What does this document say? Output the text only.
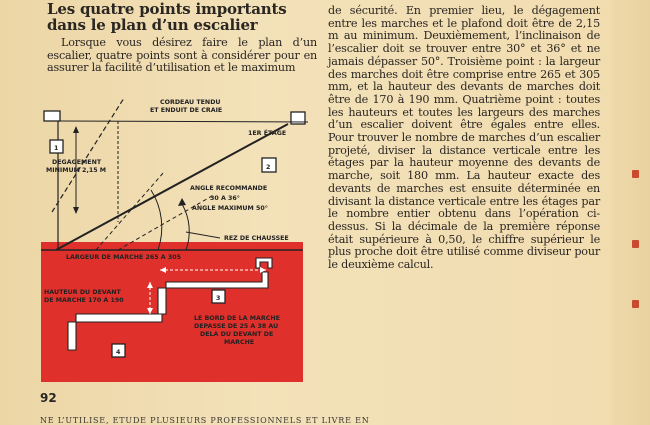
Les quatre points importants
dans le plan d’un escalier
Lorsque vous désirez faire le plan d’un escalier, quatre points sont à considérer pour en assurer la facilité d’utilisation et le maximum
1
2
CORDEAU TENDU
ET ENDUIT DE CRAIE
1ER ÉTAGE
DEGAGEMENT
MINIMUM 2,15 M
ANGLE RECOMMANDE
30 A 36°
ANGLE MAXIMUM 50°
REZ DE CHAUSSEE
3
4
LARGEUR DE MARCHE 265 A 305
HAUTEUR DU DEVANT
DE MARCHE 170 A 190
LE BORD DE LA MARCHE
DEPASSE DE 25 A 38 AU
DELA DU DEVANT DE
MARCHE
de sécurité. En premier lieu, le dégagement entre les marches et le plafond doit être de 2,15 m au minimum. Deuxièmement, l’inclinaison de l’escalier doit se trouver entre 30° et 36° et ne jamais dépasser 50°. Troisième point : la largeur des marches doit être comprise entre 265 et 305 mm, et la hauteur des devants de marches doit être de 170 à 190 mm. Quatrième point : toutes les hauteurs et toutes les largeurs des marches d’un escalier doivent être égales entre elles. Pour trouver le nombre de marches d’un escalier projeté, diviser la distance verticale entre les étages par la hauteur moyenne des devants de marche, soit 180 mm. La hauteur exacte des devants de marches est ensuite déterminée en divisant la distance verticale entre les étages par le nombre entier obtenu dans l’opération ci-dessus. Si la décimale de la première réponse était supérieure à 0,50, le chiffre supérieur le plus proche doit être utilisé comme diviseur pour le deuxième calcul.
92
NE L’UTILISE, ETUDE PLUSIEURS PROFESSIONNELS ET LIVRE EN
